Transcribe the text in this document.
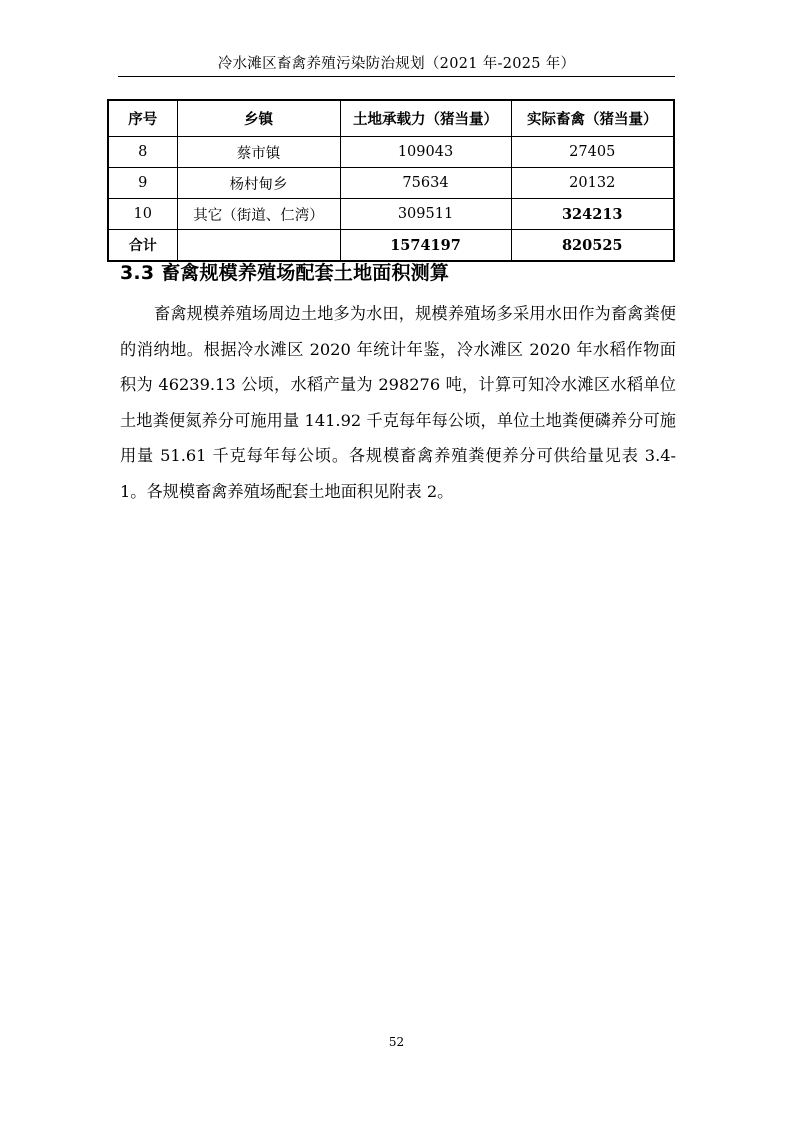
冷水滩区畜禽养殖污染防治规划（2021 年-2025 年）
序号	乡镇	土地承载力（猪当量）	实际畜禽（猪当量）
8	蔡市镇	109043	27405
9	杨村甸乡	75634	20132
10	其它（街道、仁湾）	309511	324213
合计		1574197	820525
3.3 畜禽规模养殖场配套土地面积测算

畜禽规模养殖场周边土地多为水田，规模养殖场多采用水田作为畜禽粪便的消纳地。根据冷水滩区 2020 年统计年鉴，冷水滩区 2020 年水稻作物面积为 46239.13 公顷，水稻产量为 298276 吨，计算可知冷水滩区水稻单位土地粪便氮养分可施用量 141.92 千克每年每公顷，单位土地粪便磷养分可施用量 51.61 千克每年每公顷。各规模畜禽养殖粪便养分可供给量见表 3.4-1。各规模畜禽养殖场配套土地面积见附表 2。

52
